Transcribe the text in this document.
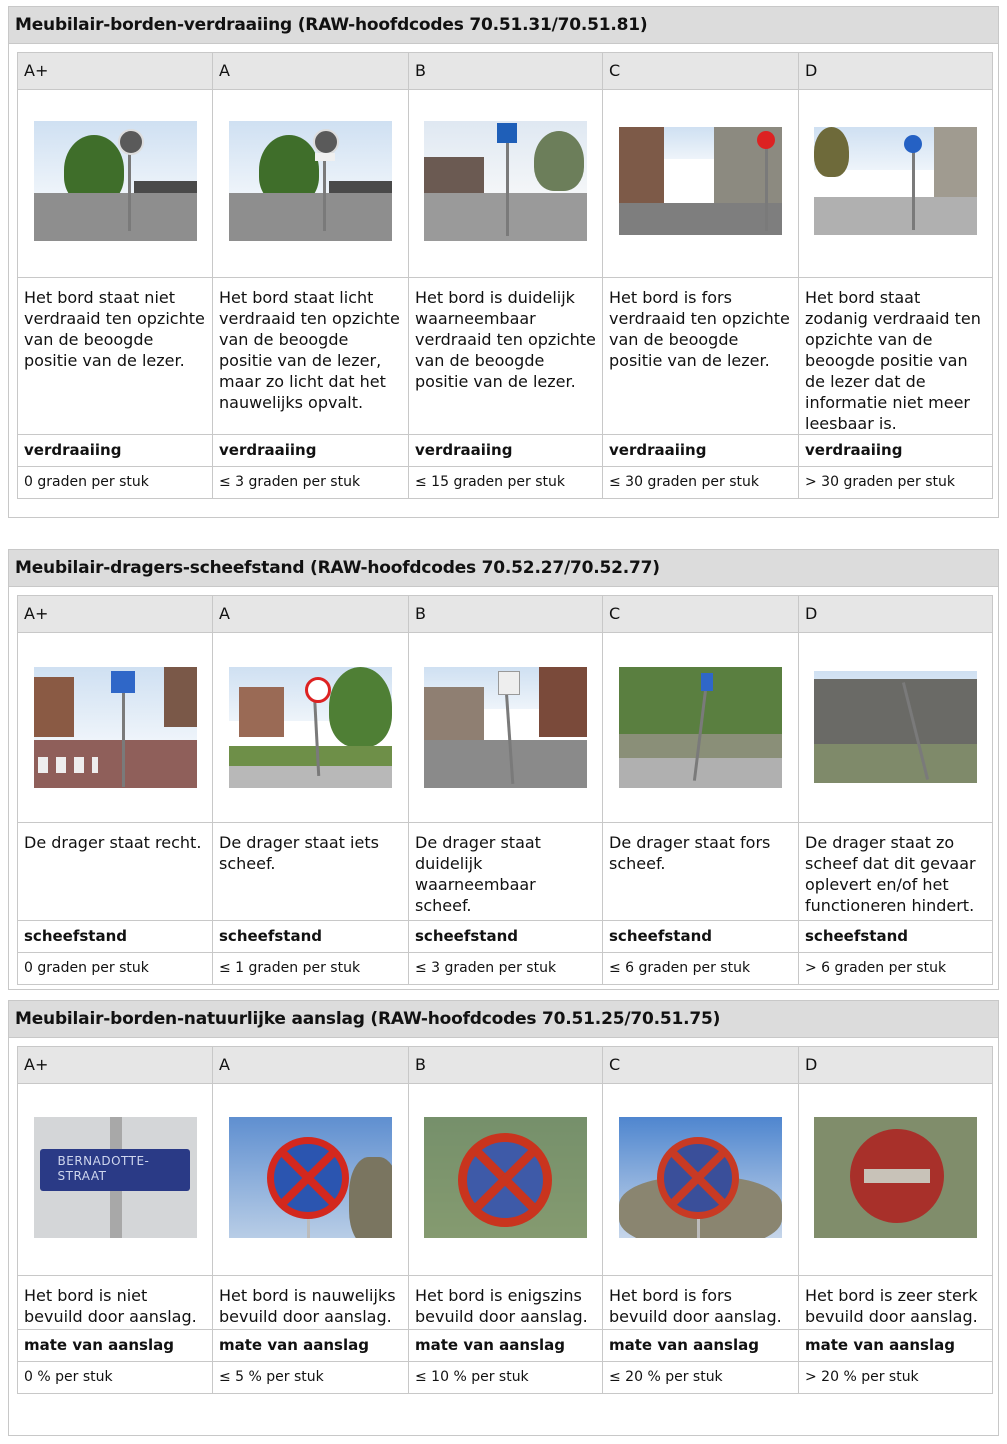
Meubilair-borden-verdraaiing (RAW-hoofdcodes 70.51.31/70.51.81)
A+	A	B	C	D

Het bord staat niet verdraaid ten opzichte van de beoogde positie van de lezer.	Het bord staat licht verdraaid ten opzichte van de beoogde positie van de lezer, maar zo licht dat het nauwelijks opvalt.	Het bord is duidelijk waarneembaar verdraaid ten opzichte van de beoogde positie van de lezer.	Het bord is fors verdraaid ten opzichte van de beoogde positie van de lezer.	Het bord staat zodanig verdraaid ten opzichte van de beoogde positie van de lezer dat de informatie niet meer leesbaar is.
verdraaiing	verdraaiing	verdraaiing	verdraaiing	verdraaiing
0 graden per stuk	≤ 3 graden per stuk	≤ 15 graden per stuk	≤ 30 graden per stuk	> 30 graden per stuk
Meubilair-dragers-scheefstand (RAW-hoofdcodes 70.52.27/70.52.77)
A+	A	B	C	D

De drager staat recht.	De drager staat iets scheef.	De drager staat duidelijk waarneembaar scheef.	De drager staat fors scheef.	De drager staat zo scheef dat dit gevaar oplevert en/of het functioneren hindert.
scheefstand	scheefstand	scheefstand	scheefstand	scheefstand
0 graden per stuk	≤ 1 graden per stuk	≤ 3 graden per stuk	≤ 6 graden per stuk	> 6 graden per stuk
Meubilair-borden-natuurlijke aanslag (RAW-hoofdcodes 70.51.25/70.51.75)
A+	A	B	C	D

BERNADOTTE-STRAAT				

Het bord is niet bevuild door aanslag.	Het bord is nauwelijks bevuild door aanslag.	Het bord is enigszins bevuild door aanslag.	Het bord is fors bevuild door aanslag.	Het bord is zeer sterk bevuild door aanslag.
mate van aanslag	mate van aanslag	mate van aanslag	mate van aanslag	mate van aanslag
0 % per stuk	≤ 5 % per stuk	≤ 10 % per stuk	≤ 20 % per stuk	> 20 % per stuk
